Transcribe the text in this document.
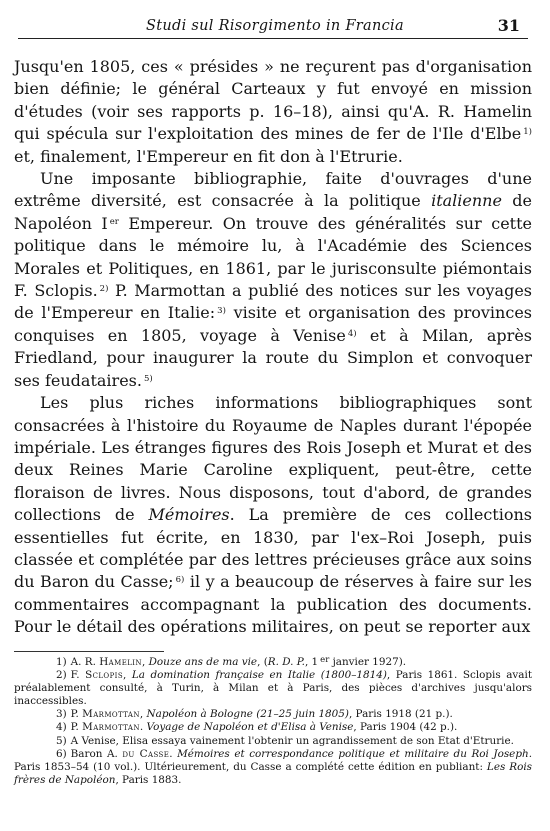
Studi sul Risorgimento in Francia	31

Jusqu'en 1805, ces « présides » ne reçurent pas d'organisation bien définie; le général Carteaux y fut envoyé en mission d'études (voir ses rapports p. 16–18), ainsi qu'A. R. Hamelin qui spécula sur l'exploitation des mines de fer de l'Ile d'Elbe $^{1)}$ et, finalement, l'Empereur en fit don à l'Etrurie.

Une imposante bibliographie, faite d'ouvrages d'une extrême diversité, est consacrée à la politique italienne de Napoléon I $^{er}$ Empereur. On trouve des généralités sur cette politique dans le mémoire lu, à l'Académie des Sciences Morales et Politiques, en 1861, par le jurisconsulte piémontais F. Sclopis. $^{2)}$ P. Marmottan a publié des notices sur les voyages de l'Empereur en Italie: $^{3)}$ visite et organisation des provinces conquises en 1805, voyage à Venise $^{4)}$ et à Milan, après Friedland, pour inaugurer la route du Simplon et convoquer ses feudataires. $^{5)}$

Les plus riches informations bibliographiques sont consacrées à l'histoire du Royaume de Naples durant l'épopée impériale. Les étranges figures des Rois Joseph et Murat et des deux Reines Marie Caroline expliquent, peut-être, cette floraison de livres. Nous disposons, tout d'abord, de grandes collections de Mémoires. La première de ces collections essentielles fut écrite, en 1830, par l'ex–Roi Joseph, puis classée et complétée par des lettres précieuses grâce aux soins du Baron du Casse; $^{6)}$ il y a beaucoup de réserves à faire sur les commentaires accompagnant la publication des documents. Pour le détail des opérations militaires, on peut se reporter aux

1) A. R. Hamelin, Douze ans de ma vie, (R. D. P., 1 $^{er}$ janvier 1927).

2) F. Sclopis, La domination française en Italie (1800–1814), Paris 1861. Sclopis avait préalablement consulté, à Turin, à Milan et à Paris, des pièces d'archives jusqu'alors inaccessibles.

3) P. Marmottan, Napoléon à Bologne (21–25 juin 1805), Paris 1918 (21 p.).

4) P. Marmottan. Voyage de Napoléon et d'Elisa à Venise, Paris 1904 (42 p.).

5) A Venise, Elisa essaya vainement l'obtenir un agrandissement de son Etat d'Etrurie.

6) Baron A. du Casse. Mémoires et correspondance politique et militaire du Roi Joseph. Paris 1853–54 (10 vol.). Ultérieurement, du Casse a complété cette édition en publiant: Les Rois frères de Napoléon, Paris 1883.
